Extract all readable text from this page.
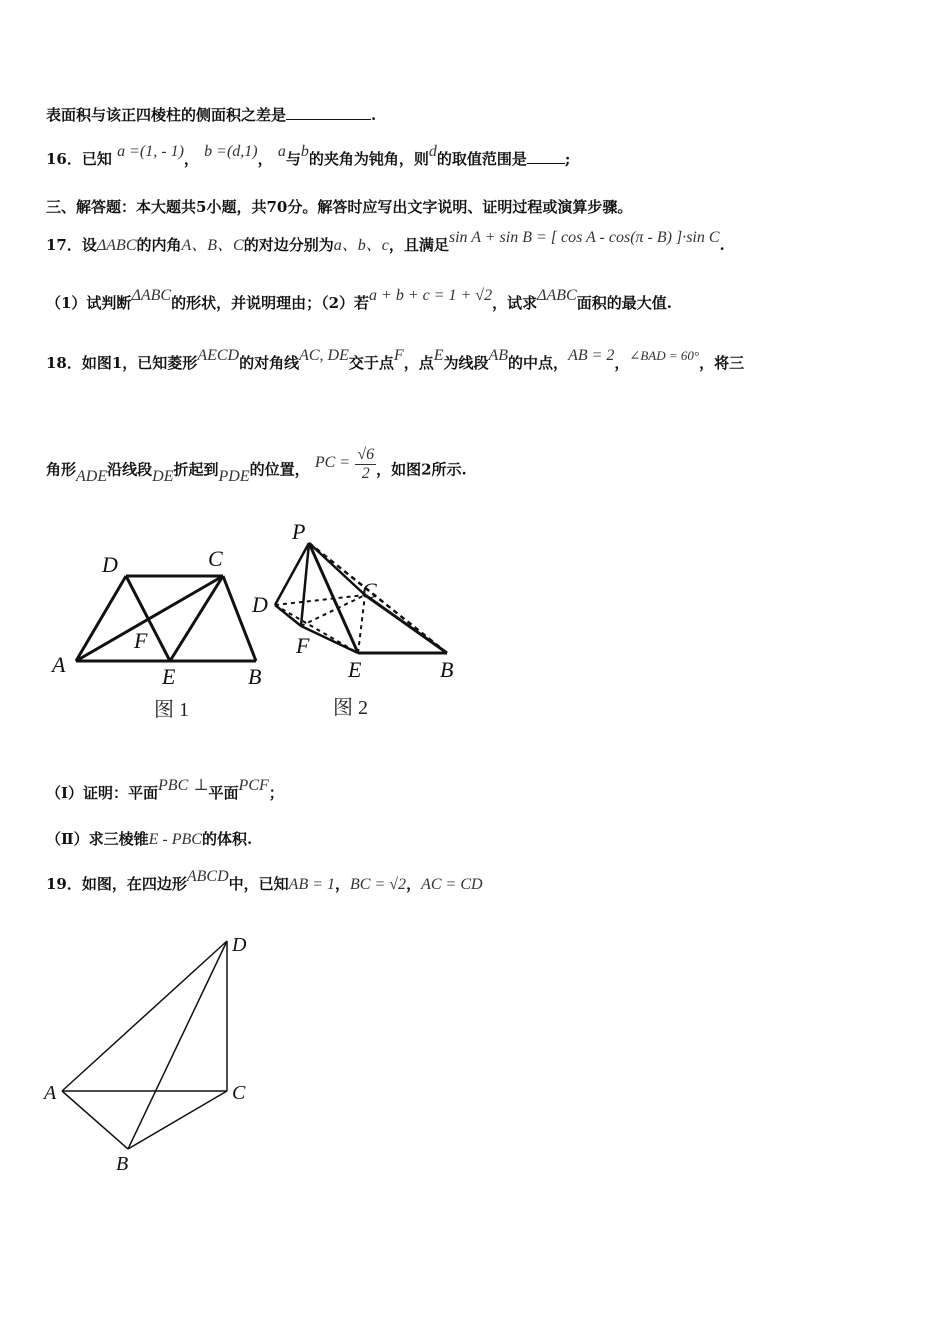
表面积与该正四棱柱的侧面积之差是	.
16．已知 a =(1, - 1)， b =(d,1)， a与b的夹角为钝角，则d的取值范围是	;
三、解答题：本大题共5小题，共70分。解答时应写出文字说明、证明过程或演算步骤。
17．设ΔABC的内角A、B、C的对边分别为a、b、c，且满足sin A + sin B = [ cos A - cos(π - B) ]·sin C.
（1）试判断ΔABC的形状，并说明理由；（2）若a + b + c = 1 + √2，试求ΔABC面积的最大值.
18．如图1，已知菱形AECD的对角线AC, DE交于点F，点E为线段AB的中点，AB = 2，∠BAD = 60°，将三
角形ADE沿线段DE折起到PDE的位置， PC = $\frac{√6}{2}$ ，如图2所示.
D	C
A
F
E	B
图 1
P
D
C
F
E	B
图 2
（Ⅰ）证明：平面PBC ⊥平面PCF；
（Ⅱ）求三棱锥E - PBC的体积.
19．如图，在四边形ABCD中，已知AB = 1，BC = √2，AC = CD
D
A	C
B
